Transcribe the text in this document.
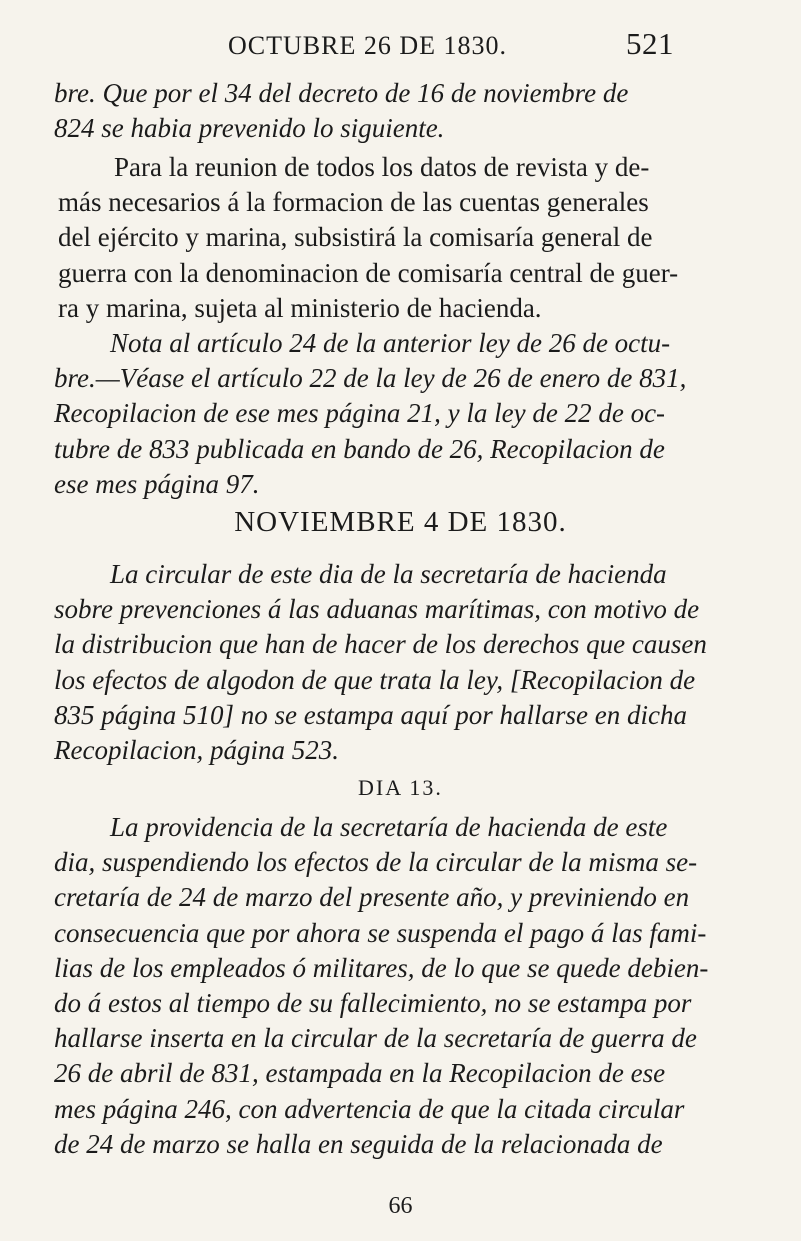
OCTUBRE 26 DE 1830.	521
bre. Que por el 34 del decreto de 16 de noviembre de
824 se habia prevenido lo siguiente.
Para la reunion de todos los datos de revista y de-
más necesarios á la formacion de las cuentas generales
del ejército y marina, subsistirá la comisaría general de
guerra con la denominacion de comisaría central de guer-
ra y marina, sujeta al ministerio de hacienda.
Nota al artículo 24 de la anterior ley de 26 de octu-
bre.—Véase el artículo 22 de la ley de 26 de enero de 831,
Recopilacion de ese mes página 21, y la ley de 22 de oc-
tubre de 833 publicada en bando de 26, Recopilacion de
ese mes página 97.
NOVIEMBRE 4 DE 1830.
La circular de este dia de la secretaría de hacienda
sobre prevenciones á las aduanas marítimas, con motivo de
la distribucion que han de hacer de los derechos que causen
los efectos de algodon de que trata la ley, [Recopilacion de
835 página 510] no se estampa aquí por hallarse en dicha
Recopilacion, página 523.
DIA 13.
La providencia de la secretaría de hacienda de este
dia, suspendiendo los efectos de la circular de la misma se-
cretaría de 24 de marzo del presente año, y previniendo en
consecuencia que por ahora se suspenda el pago á las fami-
lias de los empleados ó militares, de lo que se quede debien-
do á estos al tiempo de su fallecimiento, no se estampa por
hallarse inserta en la circular de la secretaría de guerra de
26 de abril de 831, estampada en la Recopilacion de ese
mes página 246, con advertencia de que la citada circular
de 24 de marzo se halla en seguida de la relacionada de
66
